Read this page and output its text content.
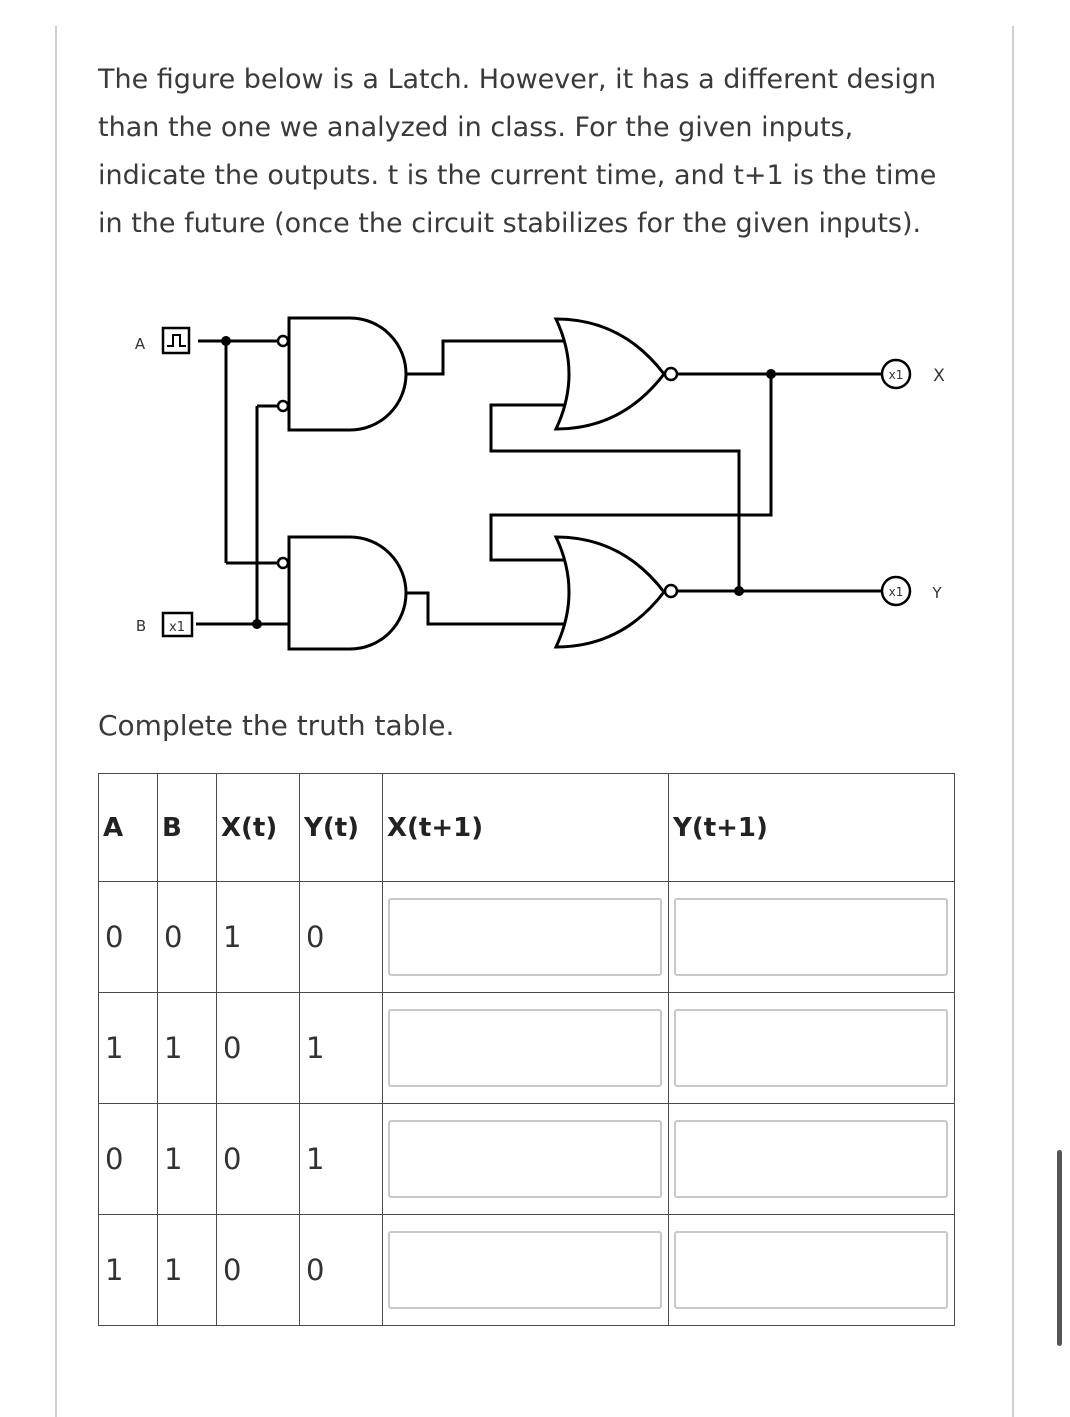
The figure below is a Latch. However, it has a different design than the one we analyzed in class. For the given inputs, indicate the outputs. t is the current time, and t+1 is the time in the future (once the circuit stabilizes for the given inputs).

A
B x1
x1 X
x1 Y

Complete the truth table.

A	B	X(t)	Y(t)	X(t+1)	Y(t+1)
0	0	1	0		
1	1	0	1		
0	1	0	1		
1	1	0	0		
